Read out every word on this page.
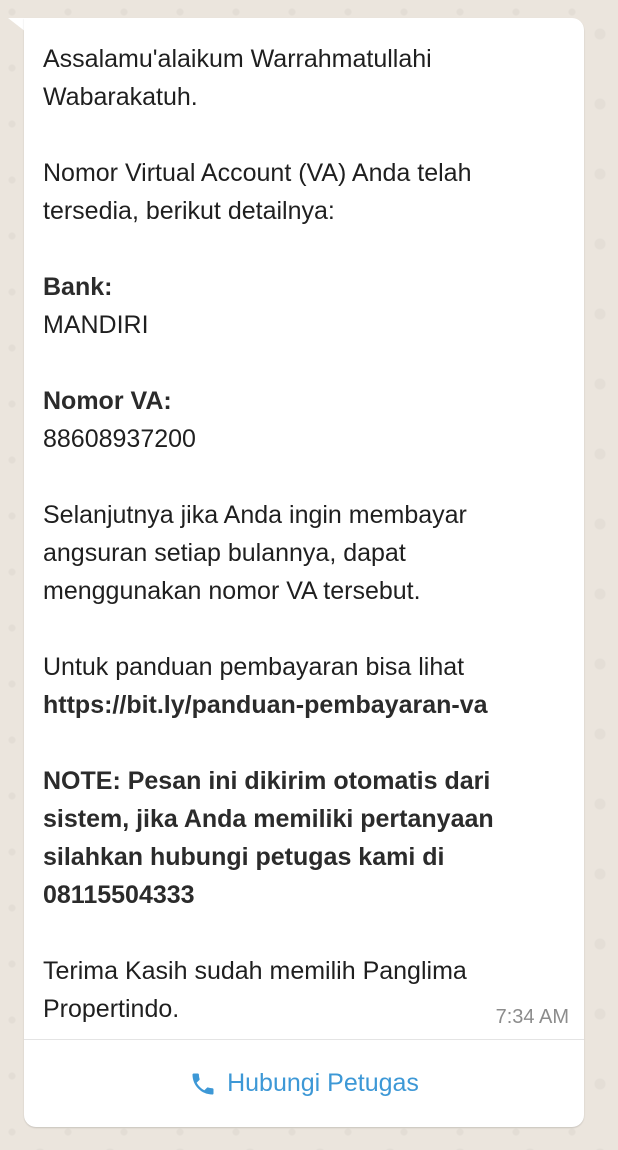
Assalamu'alaikum Warrahmatullahi Wabarakatuh.

Nomor Virtual Account (VA) Anda telah tersedia, berikut detailnya:

Bank:
MANDIRI

Nomor VA:
88608937200

Selanjutnya jika Anda ingin membayar angsuran setiap bulannya, dapat menggunakan nomor VA tersebut.

Untuk panduan pembayaran bisa lihat
https://bit.ly/panduan-pembayaran-va

NOTE: Pesan ini dikirim otomatis dari sistem, jika Anda memiliki pertanyaan silahkan hubungi petugas kami di 08115504333

Terima Kasih sudah memilih Panglima Propertindo.	7:34 AM
Hubungi Petugas
